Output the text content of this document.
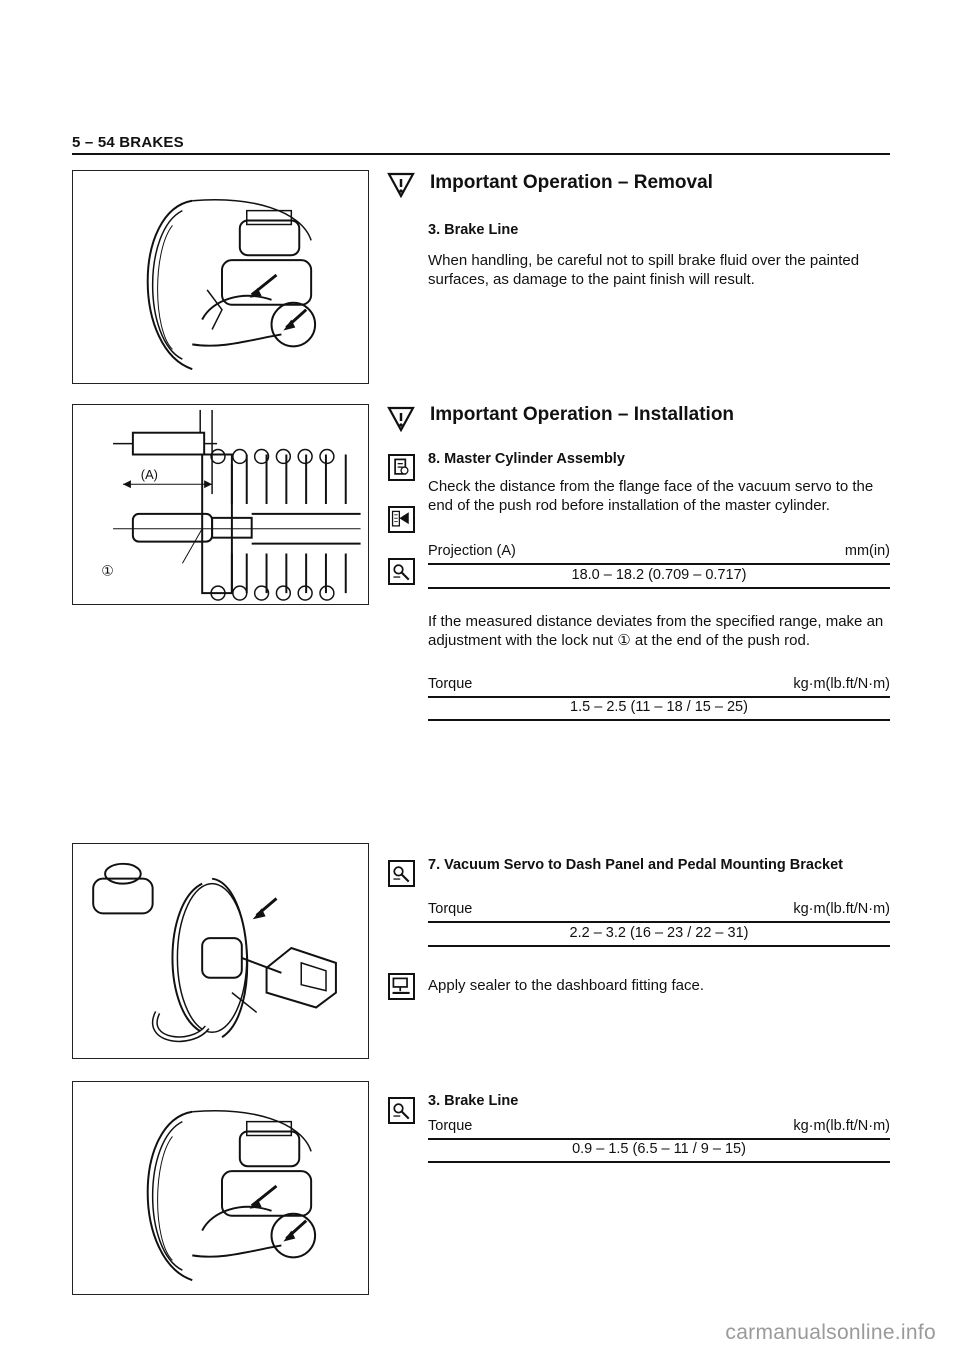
5 – 54 BRAKES
(A)
①
Important Operation – Removal
3. Brake Line
When handling, be careful not to spill brake fluid over the painted surfaces, as damage to the paint finish will result.
Important Operation – Installation
8. Master Cylinder Assembly
Check the distance from the flange face of the vacuum servo to the end of the push rod before installation of the master cylinder.
Projection (A)	mm(in)
18.0 – 18.2 (0.709 – 0.717)
If the measured distance deviates from the specified range, make an adjustment with the lock nut ① at the end of the push rod.
Torque	kg·m(lb.ft/N·m)
1.5 – 2.5 (11 – 18 / 15 – 25)
7. Vacuum Servo to Dash Panel and Pedal Mounting Bracket
Torque	kg·m(lb.ft/N·m)
2.2 – 3.2 (16 – 23 / 22 – 31)
Apply sealer to the dashboard fitting face.
3. Brake Line
Torque	kg·m(lb.ft/N·m)
0.9 – 1.5 (6.5 – 11 / 9 – 15)
carmanualsonline.info
